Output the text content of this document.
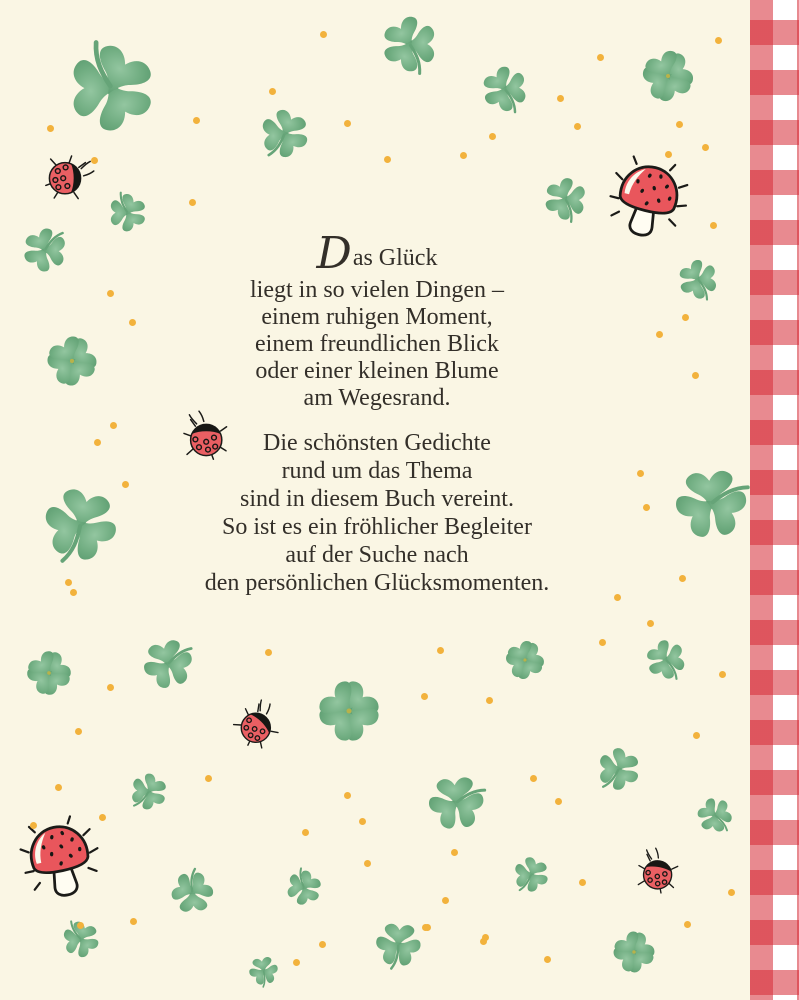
Das Glück
liegt in so vielen Dingen –
einem ruhigen Moment,
einem freundlichen Blick
oder einer kleinen Blume
am Wegesrand.
Die schönsten Gedichte
rund um das Thema
sind in diesem Buch vereint.
So ist es ein fröhlicher Begleiter
auf der Suche nach
den persönlichen Glücksmomenten.
